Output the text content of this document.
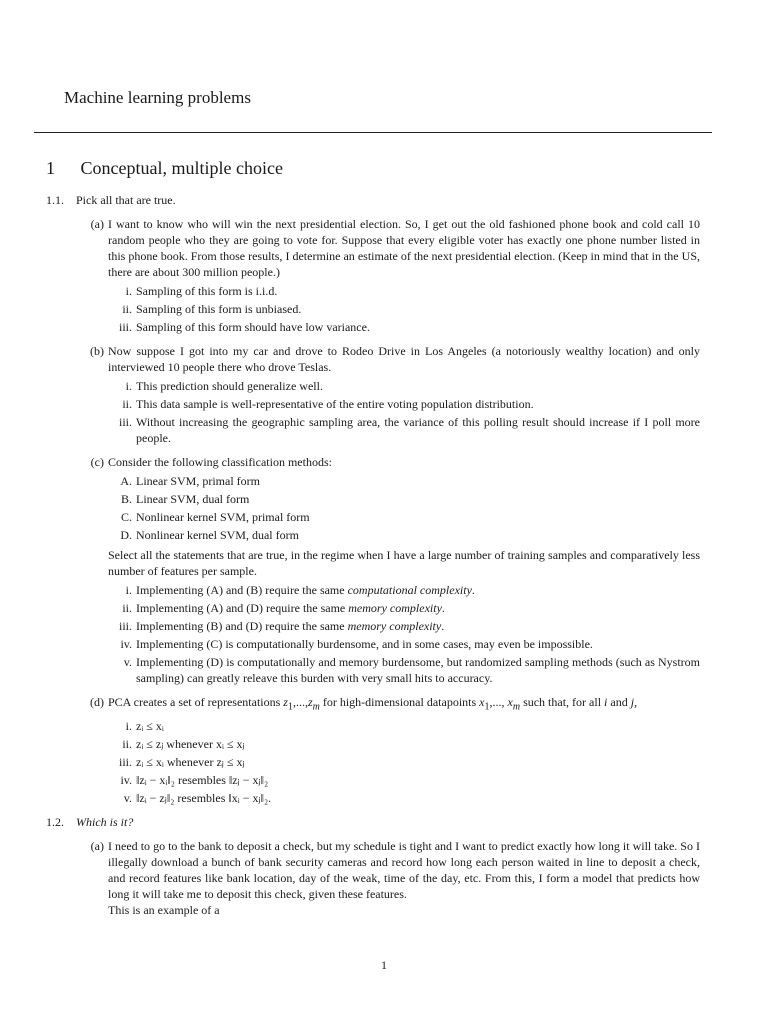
Machine learning problems
1 Conceptual, multiple choice
1.1.	Pick all that are true.
(a) I want to know who will win the next presidential election. So, I get out the old fashioned phone book and cold call 10 random people who they are going to vote for. Suppose that every eligible voter has exactly one phone number listed in this phone book. From those results, I determine an estimate of the next presidential election. (Keep in mind that in the US, there are about 300 million people.)
i. Sampling of this form is i.i.d.
ii. Sampling of this form is unbiased.
iii. Sampling of this form should have low variance.
(b) Now suppose I got into my car and drove to Rodeo Drive in Los Angeles (a notoriously wealthy location) and only interviewed 10 people there who drove Teslas.
i. This prediction should generalize well.
ii. This data sample is well-representative of the entire voting population distribution.
iii. Without increasing the geographic sampling area, the variance of this polling result should increase if I poll more people.
(c) Consider the following classification methods:
A. Linear SVM, primal form
B. Linear SVM, dual form
C. Nonlinear kernel SVM, primal form
D. Nonlinear kernel SVM, dual form
Select all the statements that are true, in the regime when I have a large number of training samples and comparatively less number of features per sample.
i. Implementing (A) and (B) require the same computational complexity.
ii. Implementing (A) and (D) require the same memory complexity.
iii. Implementing (B) and (D) require the same memory complexity.
iv. Implementing (C) is computationally burdensome, and in some cases, may even be impossible.
v. Implementing (D) is computationally and memory burdensome, but randomized sampling methods (such as Nystrom sampling) can greatly releave this burden with very small hits to accuracy.
(d) PCA creates a set of representations $z_1,...,z_m$ for high-dimensional datapoints $x_1$,..., $x_m$ such that, for all i and j,
i. zᵢ ≤ xᵢ
ii. zᵢ ≤ zⱼ whenever xᵢ ≤ xⱼ
iii. zᵢ ≤ xᵢ whenever zⱼ ≤ xⱼ
iv. ‖zᵢ − xᵢ‖₂ resembles ‖zⱼ − xⱼ‖₂
v. ‖zᵢ − zⱼ‖₂ resembles ‖xᵢ − xⱼ‖₂.
1.2.	Which is it?
(a) I need to go to the bank to deposit a check, but my schedule is tight and I want to predict exactly how long it will take. So I illegally download a bunch of bank security cameras and record how long each person waited in line to deposit a check, and record features like bank location, day of the weak, time of the day, etc. From this, I form a model that predicts how long it will take me to deposit this check, given these features.
This is an example of a
1
